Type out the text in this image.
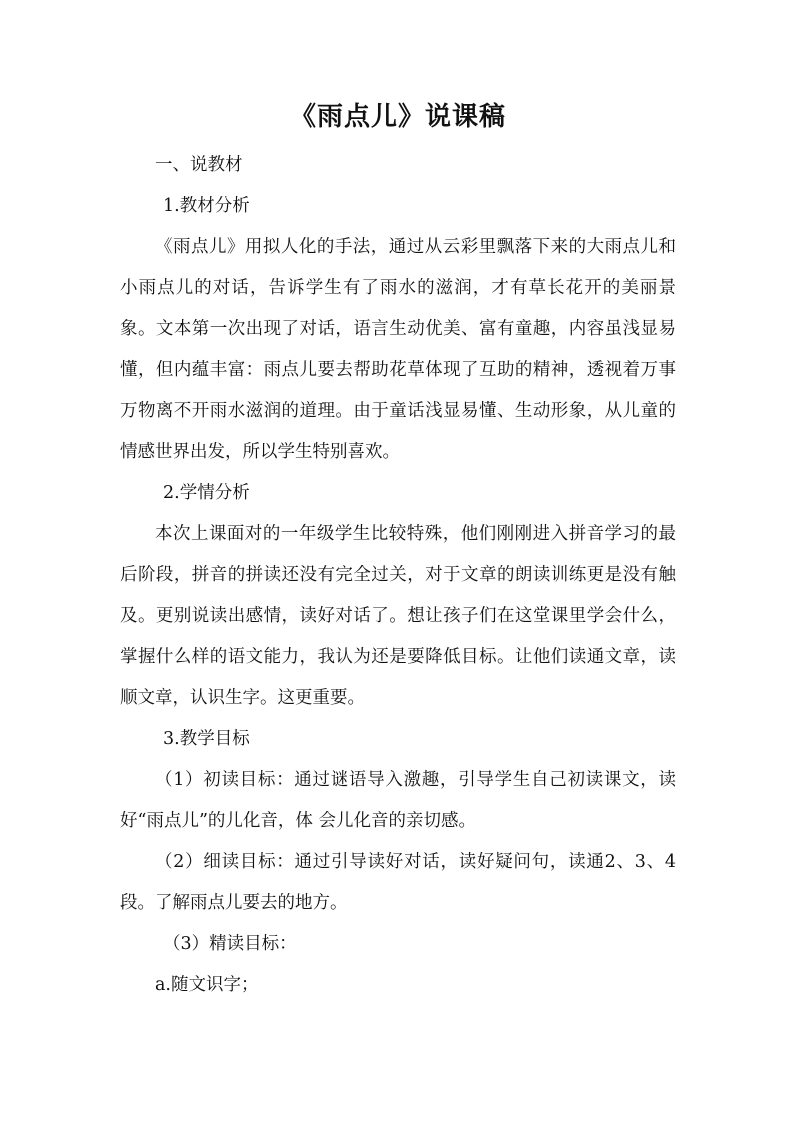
《雨点儿》说课稿
一、说教材
1.教材分析

《雨点儿》用拟人化的手法，通过从云彩里飘落下来的大雨点儿和小雨点儿的对话，告诉学生有了雨水的滋润，才有草长花开的美丽景象。文本第一次出现了对话，语言生动优美、富有童趣，内容虽浅显易懂，但内蕴丰富：雨点儿要去帮助花草体现了互助的精神，透视着万事万物离不开雨水滋润的道理。由于童话浅显易懂、生动形象，从儿童的情感世界出发，所以学生特别喜欢。

2.学情分析

本次上课面对的一年级学生比较特殊，他们刚刚进入拼音学习的最后阶段，拼音的拼读还没有完全过关，对于文章的朗读训练更是没有触及。更别说读出感情，读好对话了。想让孩子们在这堂课里学会什么，掌握什么样的语文能力，我认为还是要降低目标。让他们读通文章，读顺文章，认识生字。这更重要。

3.教学目标

（1）初读目标：通过谜语导入激趣，引导学生自己初读课文，读好“雨点儿”的儿化音，体 会儿化音的亲切感。

（2）细读目标：通过引导读好对话，读好疑问句，读通2、3、4段。了解雨点儿要去的地方。

（3）精读目标：
a.随文识字；
